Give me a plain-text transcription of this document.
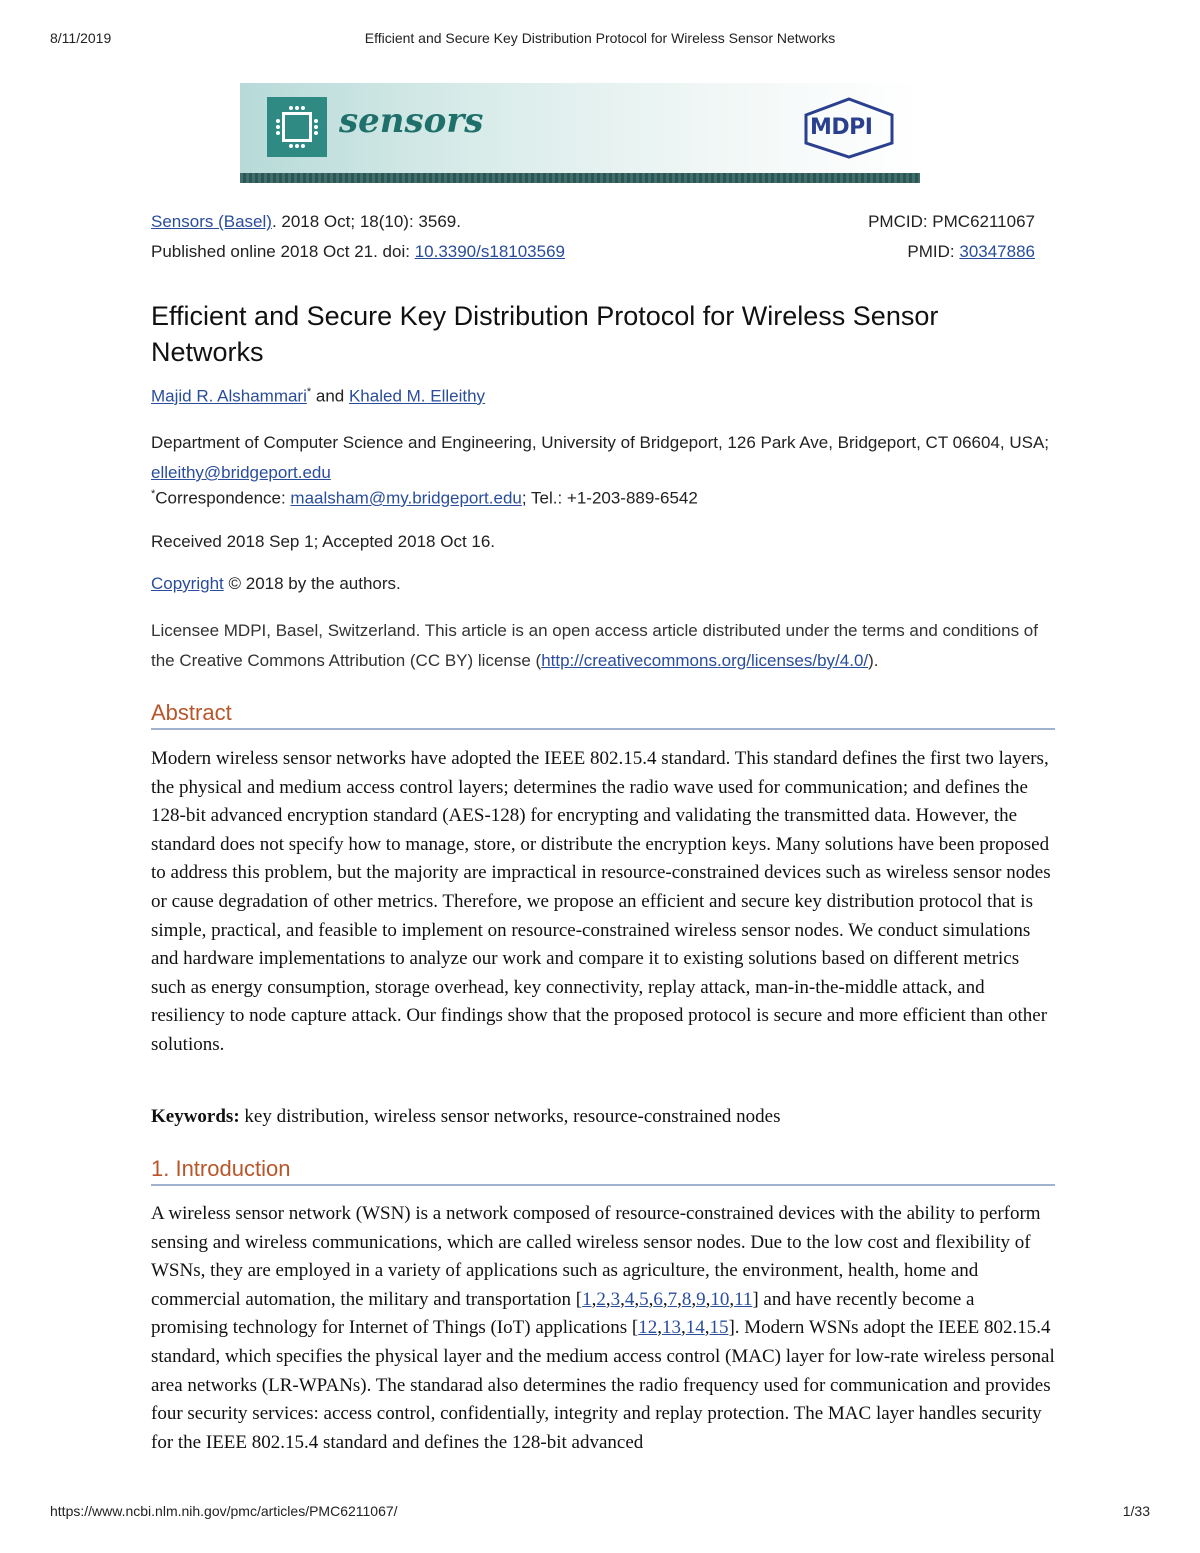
8/11/2019	Efficient and Secure Key Distribution Protocol for Wireless Sensor Networks
sensors	MDPI
Sensors (Basel). 2018 Oct; 18(10): 3569.	PMCID: PMC6211067
Published online 2018 Oct 21. doi: 10.3390/s18103569	PMID: 30347886
Efficient and Secure Key Distribution Protocol for Wireless Sensor Networks
Majid R. Alshammari* and Khaled M. Elleithy
Department of Computer Science and Engineering, University of Bridgeport, 126 Park Ave, Bridgeport, CT 06604, USA; elleithy@bridgeport.edu
*Correspondence: maalsham@my.bridgeport.edu; Tel.: +1-203-889-6542
Received 2018 Sep 1; Accepted 2018 Oct 16.
Copyright © 2018 by the authors.
Licensee MDPI, Basel, Switzerland. This article is an open access article distributed under the terms and conditions of the Creative Commons Attribution (CC BY) license (http://creativecommons.org/licenses/by/4.0/).
Abstract
Modern wireless sensor networks have adopted the IEEE 802.15.4 standard. This standard defines the first two layers, the physical and medium access control layers; determines the radio wave used for communication; and defines the 128-bit advanced encryption standard (AES-128) for encrypting and validating the transmitted data. However, the standard does not specify how to manage, store, or distribute the encryption keys. Many solutions have been proposed to address this problem, but the majority are impractical in resource-constrained devices such as wireless sensor nodes or cause degradation of other metrics. Therefore, we propose an efficient and secure key distribution protocol that is simple, practical, and feasible to implement on resource-constrained wireless sensor nodes. We conduct simulations and hardware implementations to analyze our work and compare it to existing solutions based on different metrics such as energy consumption, storage overhead, key connectivity, replay attack, man-in-the-middle attack, and resiliency to node capture attack. Our findings show that the proposed protocol is secure and more efficient than other solutions.
Keywords: key distribution, wireless sensor networks, resource-constrained nodes
1. Introduction
A wireless sensor network (WSN) is a network composed of resource-constrained devices with the ability to perform sensing and wireless communications, which are called wireless sensor nodes. Due to the low cost and flexibility of WSNs, they are employed in a variety of applications such as agriculture, the environment, health, home and commercial automation, the military and transportation [1,2,3,4,5,6,7,8,9,10,11] and have recently become a promising technology for Internet of Things (IoT) applications [12,13,14,15]. Modern WSNs adopt the IEEE 802.15.4 standard, which specifies the physical layer and the medium access control (MAC) layer for low-rate wireless personal area networks (LR-WPANs). The standarad also determines the radio frequency used for communication and provides four security services: access control, confidentially, integrity and replay protection. The MAC layer handles security for the IEEE 802.15.4 standard and defines the 128-bit advanced
https://www.ncbi.nlm.nih.gov/pmc/articles/PMC6211067/	1/33
